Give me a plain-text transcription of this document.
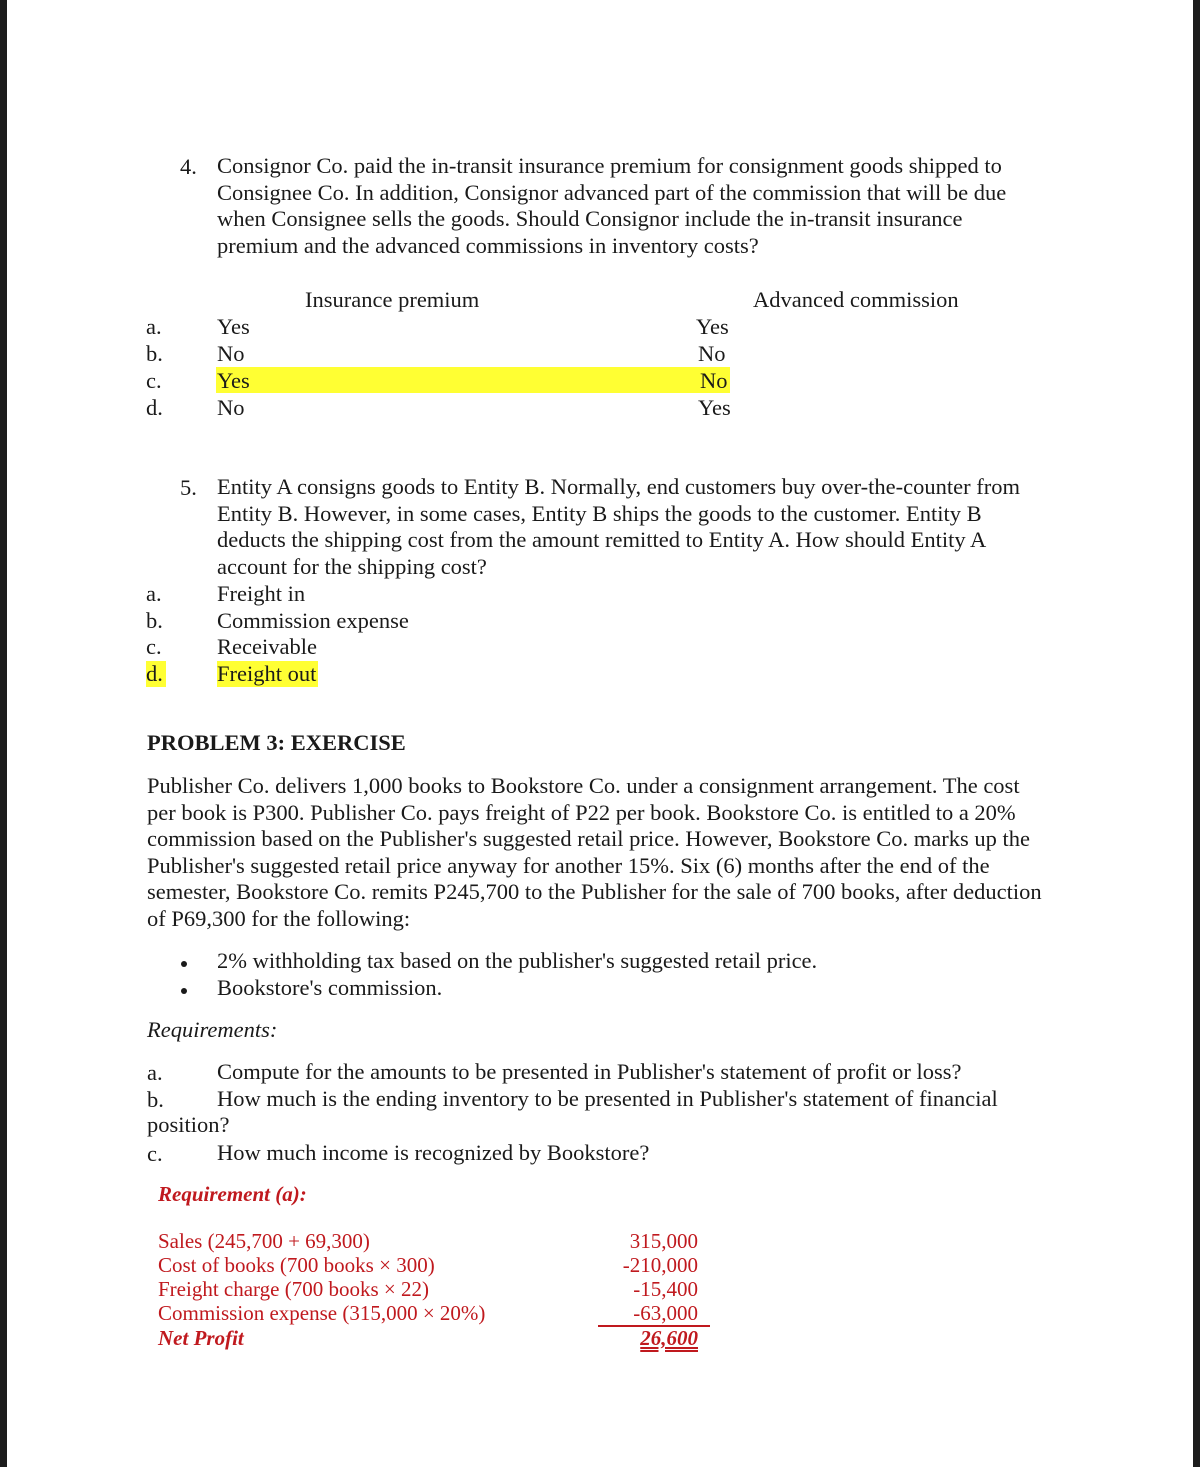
4. Consignor Co. paid the in-transit insurance premium for consignment goods shipped to
Consignee Co. In addition, Consignor advanced part of the commission that will be due
when Consignee sells the goods. Should Consignor include the in-transit insurance
premium and the advanced commissions in inventory costs?
Insurance premium	Advanced commission
a. Yes	Yes
b. No	No
c. Yes	No
d. No	Yes
5. Entity A consigns goods to Entity B. Normally, end customers buy over-the-counter from
Entity B. However, in some cases, Entity B ships the goods to the customer. Entity B
deducts the shipping cost from the amount remitted to Entity A. How should Entity A
account for the shipping cost?
a. Freight in
b. Commission expense
c. Receivable
d. Freight out
PROBLEM 3: EXERCISE
Publisher Co. delivers 1,000 books to Bookstore Co. under a consignment arrangement. The cost
per book is P300. Publisher Co. pays freight of P22 per book. Bookstore Co. is entitled to a 20%
commission based on the Publisher's suggested retail price. However, Bookstore Co. marks up the
Publisher's suggested retail price anyway for another 15%. Six (6) months after the end of the
semester, Bookstore Co. remits P245,700 to the Publisher for the sale of 700 books, after deduction
of P69,300 for the following:
2% withholding tax based on the publisher's suggested retail price.
Bookstore's commission.
Requirements:
a. Compute for the amounts to be presented in Publisher's statement of profit or loss?
b. How much is the ending inventory to be presented in Publisher's statement of financial
position?
c. How much income is recognized by Bookstore?
Requirement (a):
Sales (245,700 + 69,300)	315,000
Cost of books (700 books × 300)	-210,000
Freight charge (700 books × 22)	-15,400
Commission expense (315,000 × 20%)	-63,000
Net Profit	26,600
